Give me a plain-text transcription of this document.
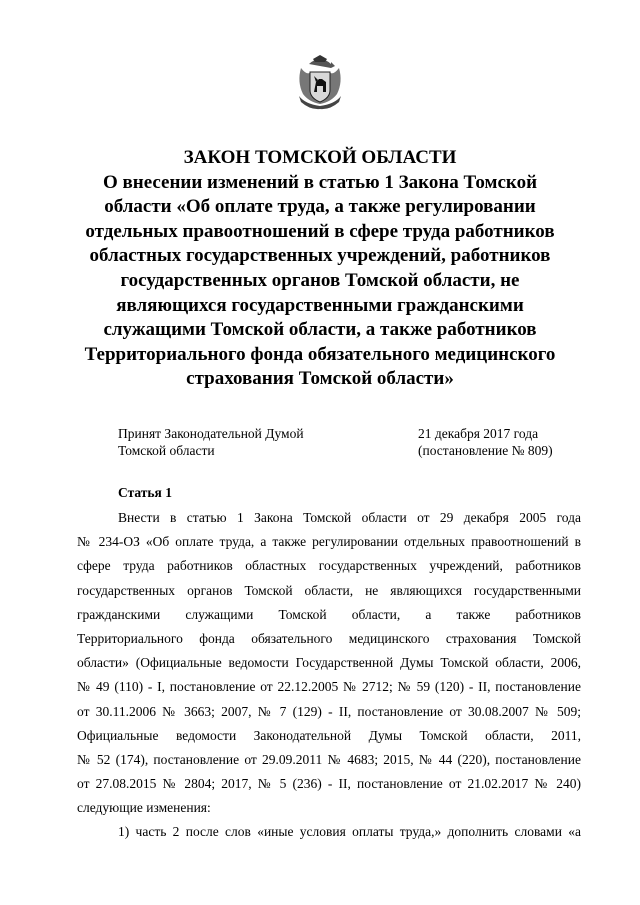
ЗАКОН ТОМСКОЙ ОБЛАСТИ
О внесении изменений в статью 1 Закона Томской
области «Об оплате труда, а также регулировании
отдельных правоотношений в сфере труда работников
областных государственных учреждений, работников
государственных органов Томской области, не
являющихся государственными гражданскими
служащими Томской области, а также работников
Территориального фонда обязательного медицинского
страхования Томской области»
Принят Законодательной Думой
Томской области
21 декабря 2017 года
(постановление № 809)
Статья 1
Внести в статью 1 Закона Томской области от 29 декабря 2005 года
№ 234-ОЗ «Об оплате труда, а также регулировании отдельных правоотношений в
сфере труда работников областных государственных учреждений, работников
государственных органов Томской области, не являющихся государственными
гражданскими служащими Томской области, а также работников
Территориального фонда обязательного медицинского страхования Томской
области» (Официальные ведомости Государственной Думы Томской области, 2006,
№ 49 (110) - I, постановление от 22.12.2005 № 2712; № 59 (120) - II, постановление
от 30.11.2006 № 3663; 2007, № 7 (129) - II, постановление от 30.08.2007 № 509;
Официальные ведомости Законодательной Думы Томской области, 2011,
№ 52 (174), постановление от 29.09.2011 № 4683; 2015, № 44 (220), постановление
от 27.08.2015 № 2804; 2017, № 5 (236) - II, постановление от 21.02.2017 № 240)
следующие изменения:
1) часть 2 после слов «иные условия оплаты труда,» дополнить словами «а
